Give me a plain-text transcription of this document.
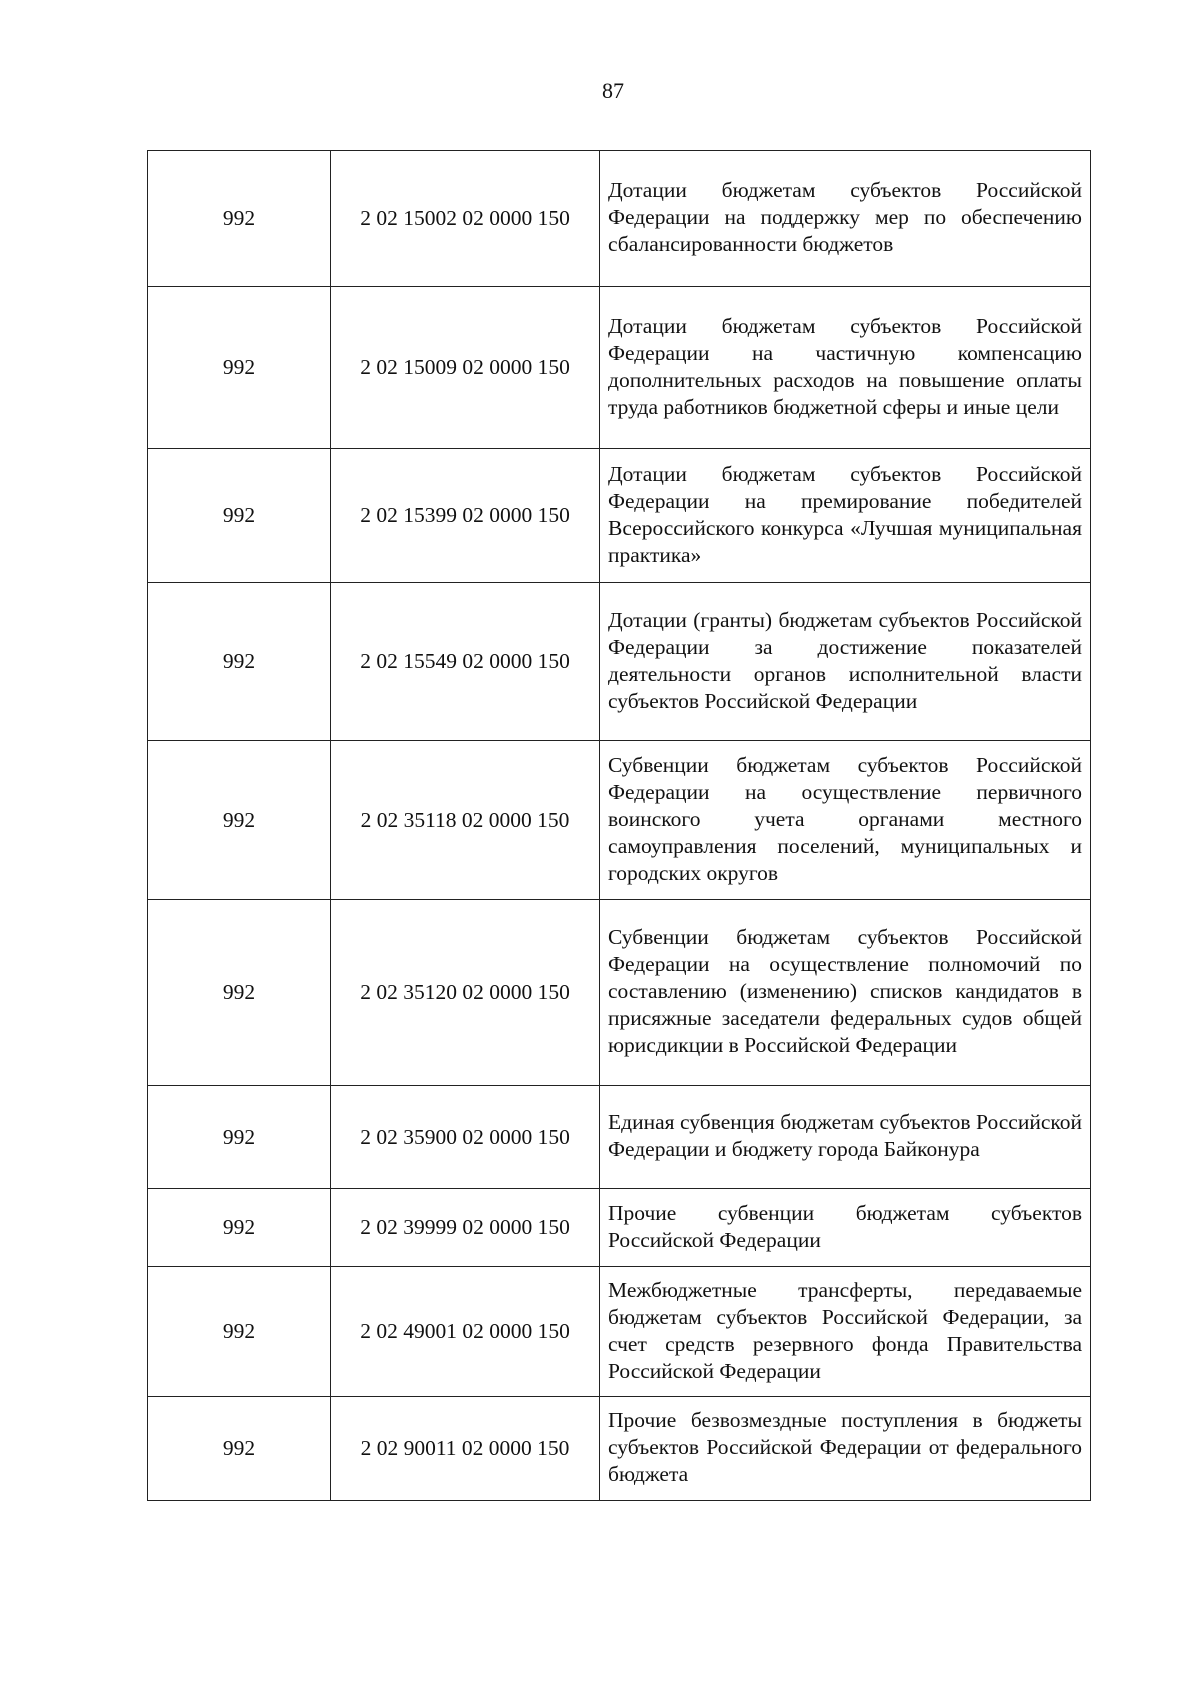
87
992	2 02 15002 02 0000 150	Дотации бюджетам субъектов Российской Федерации на поддержку мер по обеспечению сбалансированности бюджетов
992	2 02 15009 02 0000 150	Дотации бюджетам субъектов Российской Федерации на частичную компенсацию дополнительных расходов на повышение оплаты труда работников бюджетной сферы и иные цели
992	2 02 15399 02 0000 150	Дотации бюджетам субъектов Российской Федерации на премирование победителей Всероссийского конкурса «Лучшая муниципальная практика»
992	2 02 15549 02 0000 150	Дотации (гранты) бюджетам субъектов Российской Федерации за достижение показателей деятельности органов исполнительной власти субъектов Российской Федерации
992	2 02 35118 02 0000 150	Субвенции бюджетам субъектов Российской Федерации на осуществление первичного воинского учета органами местного самоуправления поселений, муниципальных и городских округов
992	2 02 35120 02 0000 150	Субвенции бюджетам субъектов Российской Федерации на осуществление полномочий по составлению (изменению) списков кандидатов в присяжные заседатели федеральных судов общей юрисдикции в Российской Федерации
992	2 02 35900 02 0000 150	Единая субвенция бюджетам субъектов Российской Федерации и бюджету города Байконура
992	2 02 39999 02 0000 150	Прочие субвенции бюджетам субъектов Российской Федерации
992	2 02 49001 02 0000 150	Межбюджетные трансферты, передаваемые бюджетам субъектов Российской Федерации, за счет средств резервного фонда Правительства Российской Федерации
992	2 02 90011 02 0000 150	Прочие безвозмездные поступления в бюджеты субъектов Российской Федерации от федерального бюджета
